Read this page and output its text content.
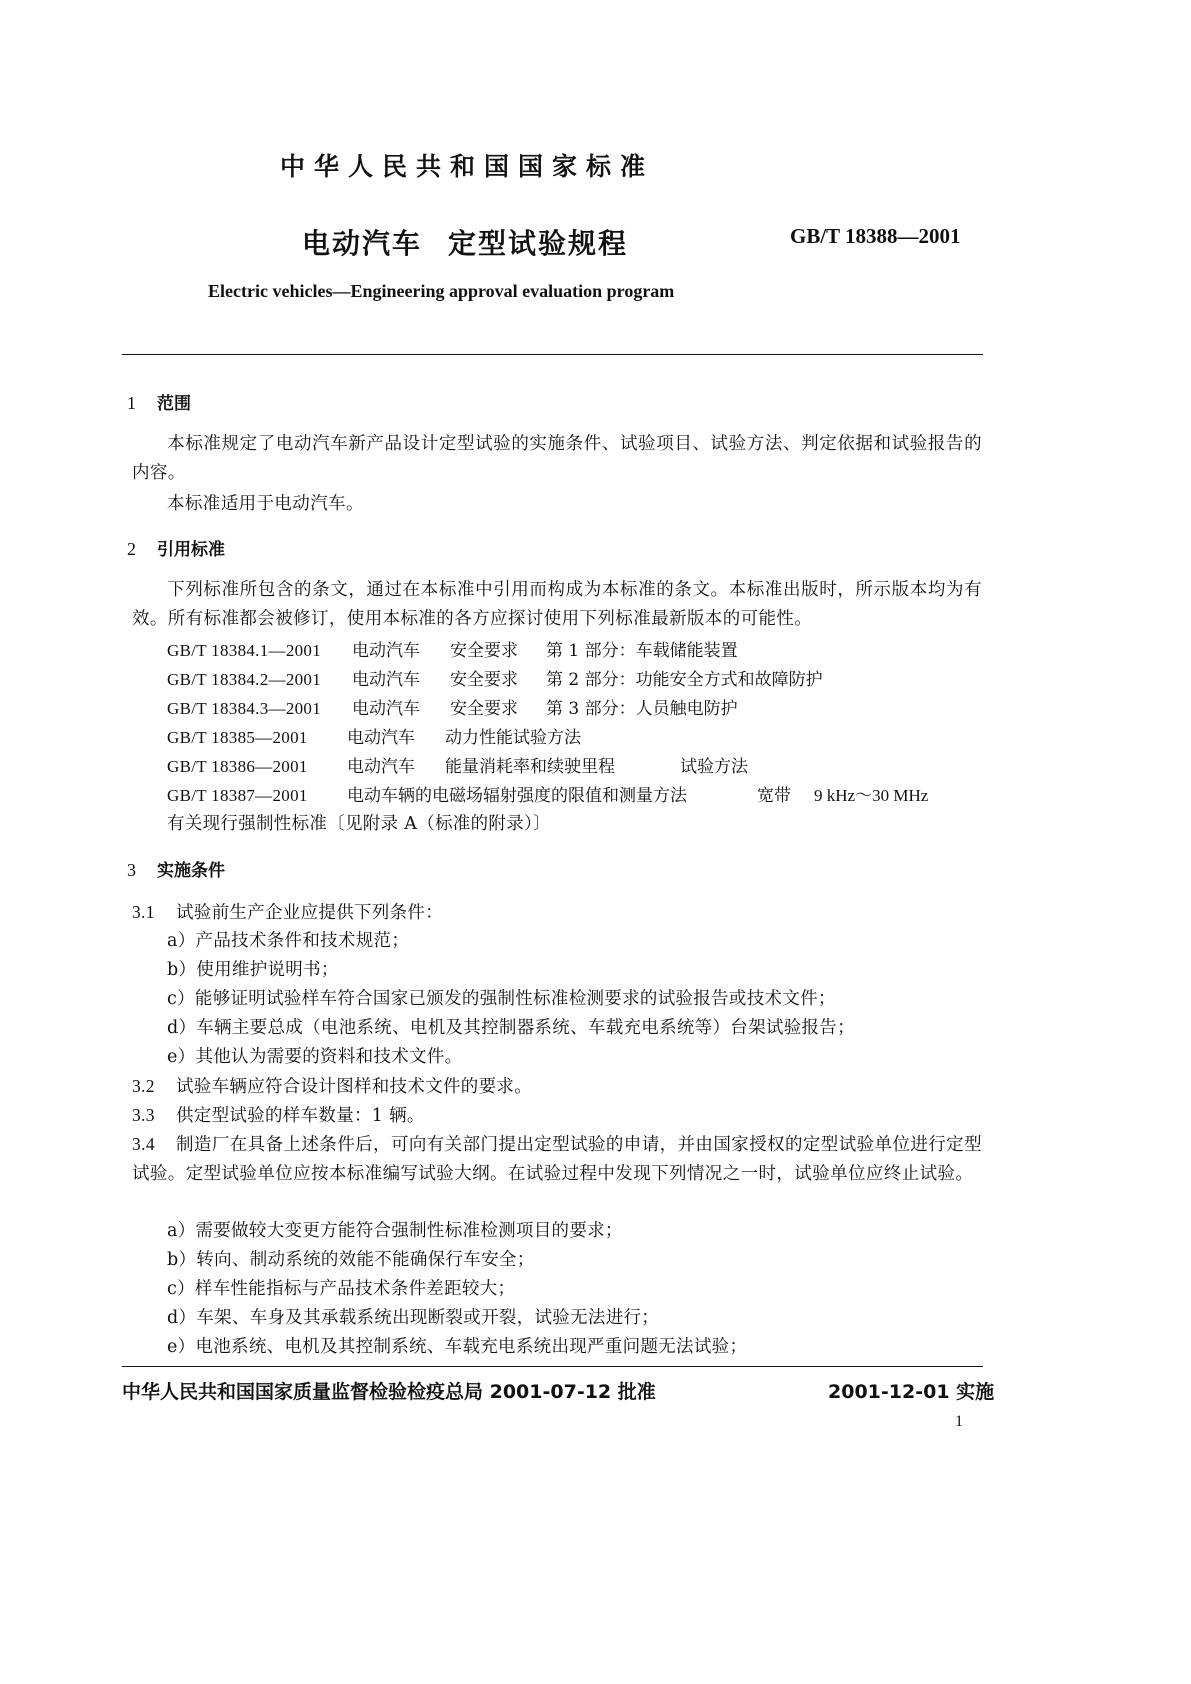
中华人民共和国国家标准
电动汽车 定型试验规程	GB/T 18388—2001
Electric vehicles—Engineering approval evaluation program
1 范围
本标准规定了电动汽车新产品设计定型试验的实施条件、试验项目、试验方法、判定依据和试验报告的内容。
本标准适用于电动汽车。
2 引用标准
下列标准所包含的条文，通过在本标准中引用而构成为本标准的条文。本标准出版时，所示版本均为有效。所有标准都会被修订，使用本标准的各方应探讨使用下列标准最新版本的可能性。
GB/T 18384.1—2001 电动汽车 安全要求 第 1 部分：车载储能装置
GB/T 18384.2—2001 电动汽车 安全要求 第 2 部分：功能安全方式和故障防护
GB/T 18384.3—2001 电动汽车 安全要求 第 3 部分：人员触电防护
GB/T 18385—2001 电动汽车 动力性能试验方法
GB/T 18386—2001 电动汽车 能量消耗率和续驶里程	试验方法
GB/T 18387—2001 电动车辆的电磁场辐射强度的限值和测量方法	宽带 9 kHz～30 MHz
有关现行强制性标准〔见附录 A（标准的附录）〕
3 实施条件
3.1 试验前生产企业应提供下列条件：
a）产品技术条件和技术规范；
b）使用维护说明书；
c）能够证明试验样车符合国家已颁发的强制性标准检测要求的试验报告或技术文件；
d）车辆主要总成（电池系统、电机及其控制器系统、车载充电系统等）台架试验报告；
e）其他认为需要的资料和技术文件。
3.2 试验车辆应符合设计图样和技术文件的要求。
3.3 供定型试验的样车数量：1 辆。
3.4 制造厂在具备上述条件后，可向有关部门提出定型试验的申请，并由国家授权的定型试验单位进行定型试验。定型试验单位应按本标准编写试验大纲。在试验过程中发现下列情况之一时，试验单位应终止试验。
a）需要做较大变更方能符合强制性标准检测项目的要求；
b）转向、制动系统的效能不能确保行车安全；
c）样车性能指标与产品技术条件差距较大；
d）车架、车身及其承载系统出现断裂或开裂，试验无法进行；
e）电池系统、电机及其控制系统、车载充电系统出现严重问题无法试验；
中华人民共和国国家质量监督检验检疫总局 2001-07-12 批准	2001-12-01 实施
1
